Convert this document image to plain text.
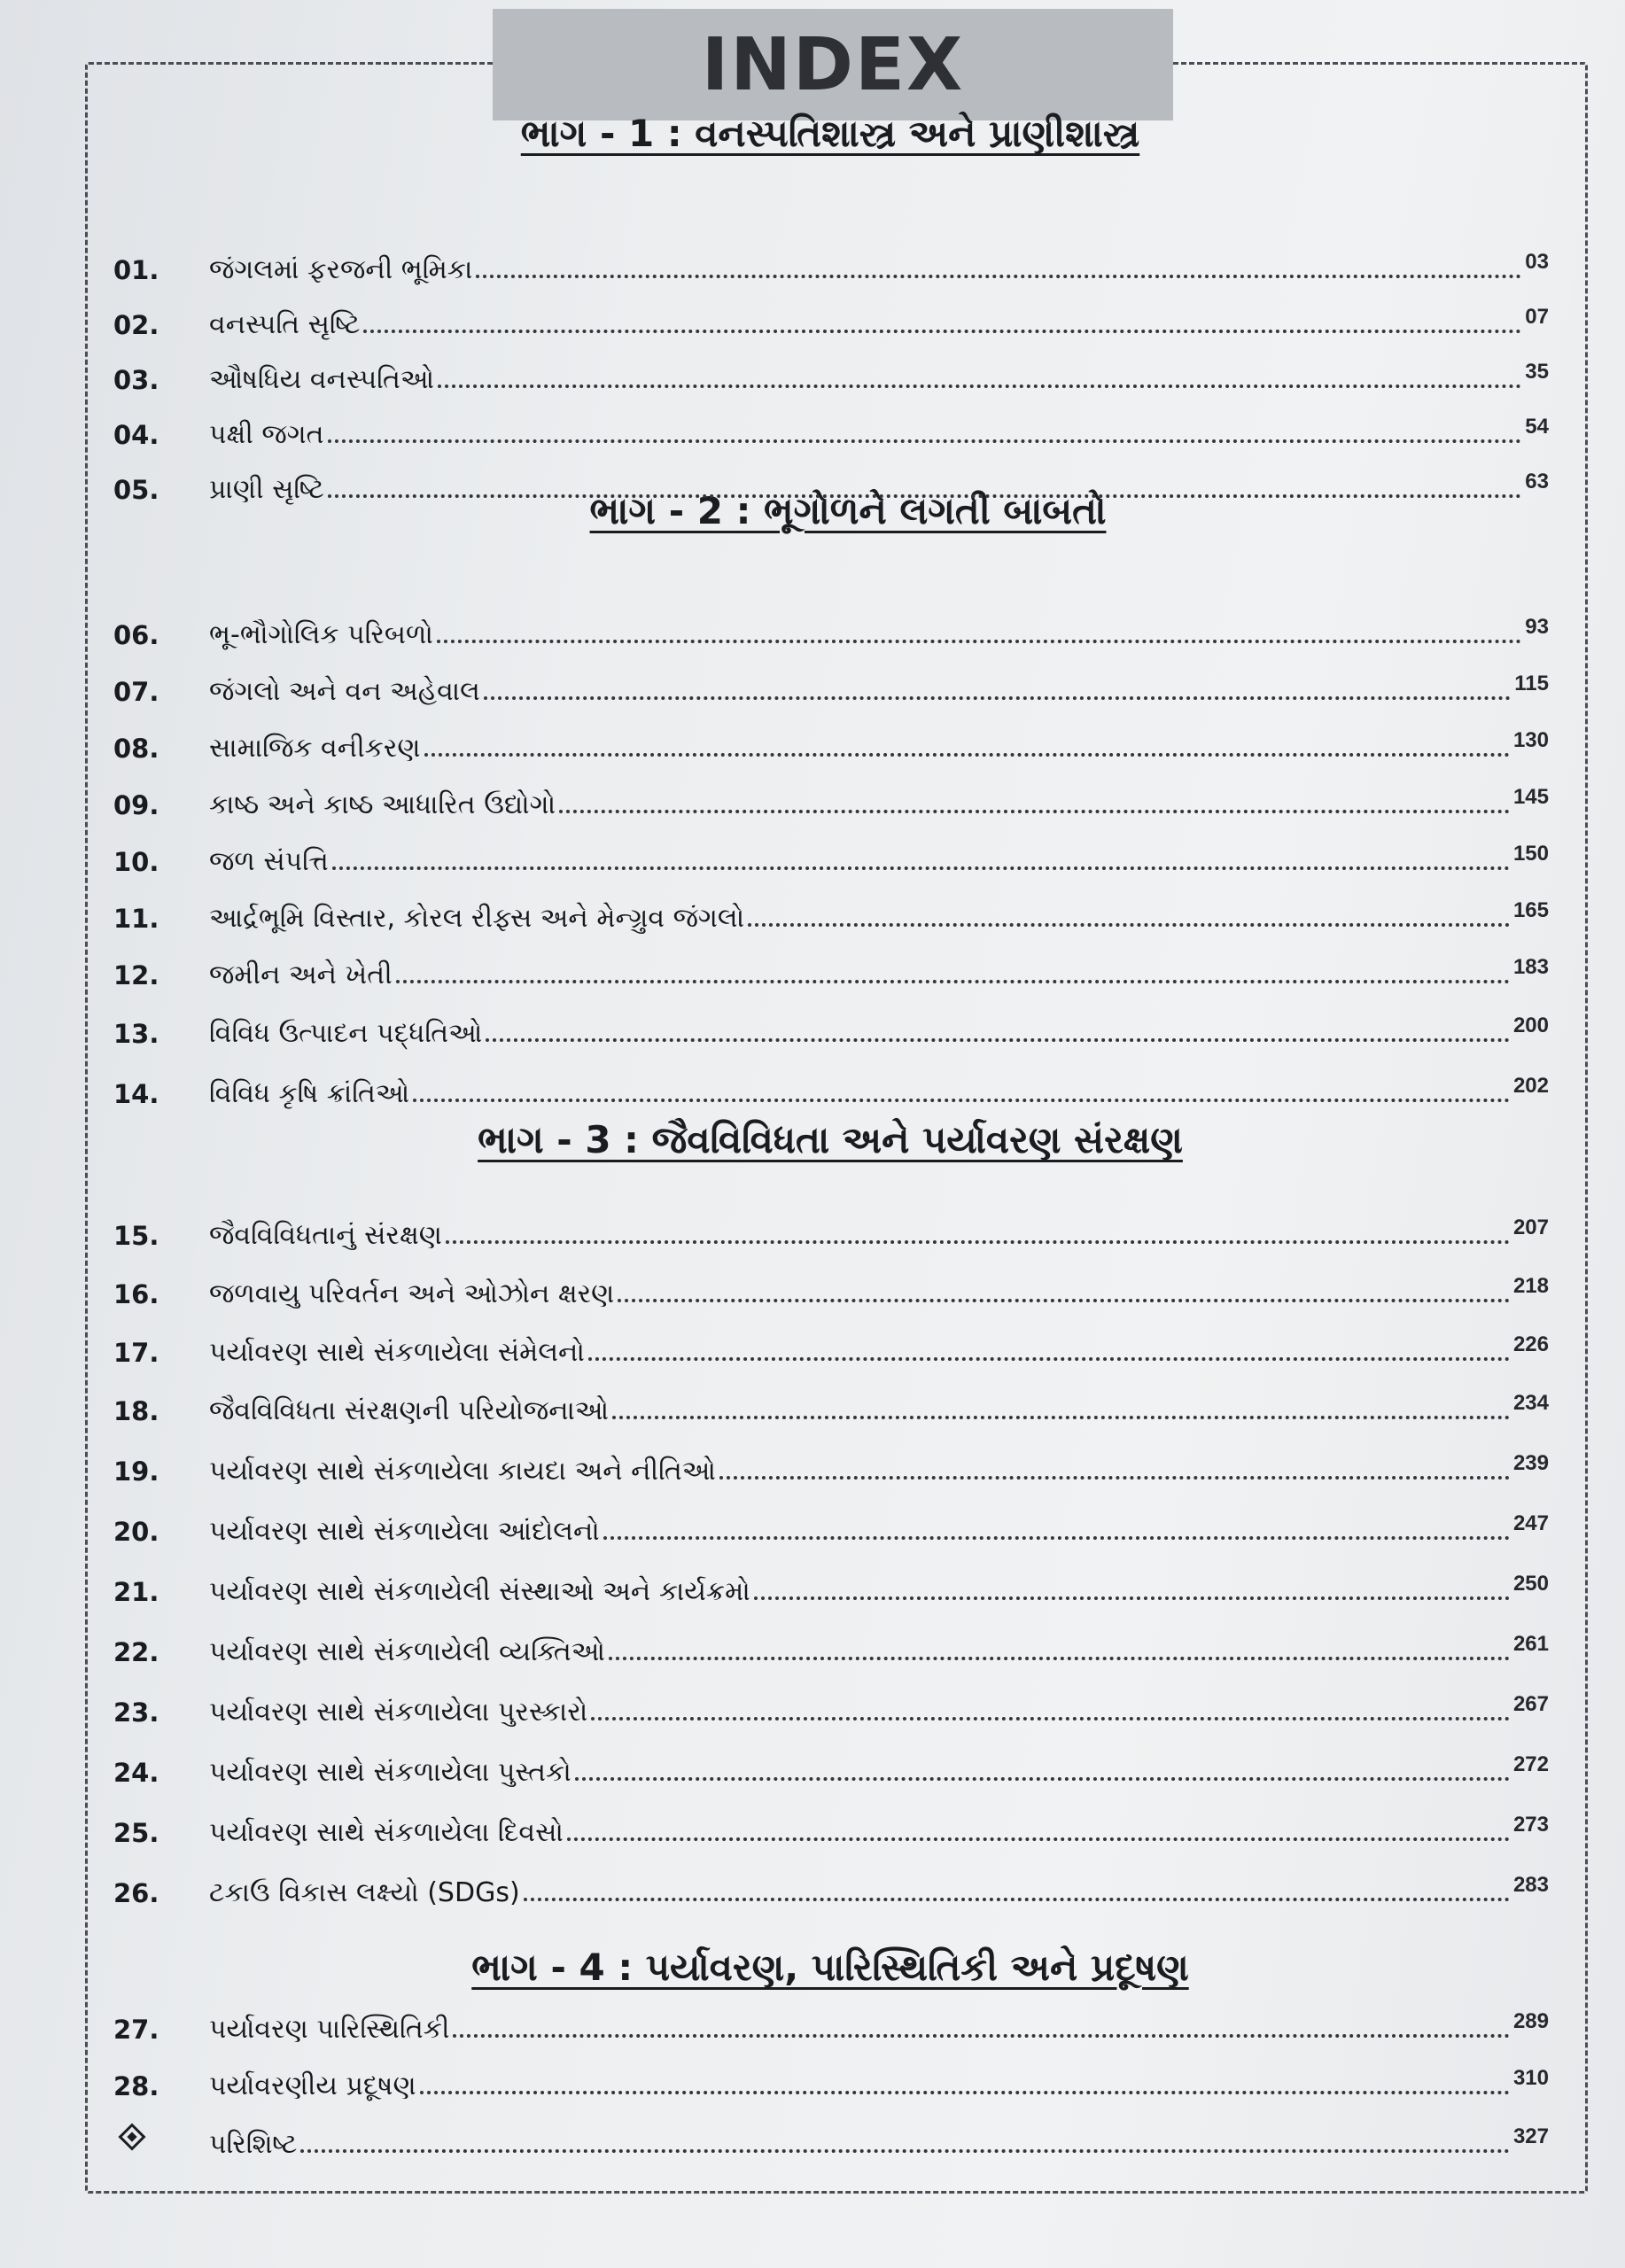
INDEX
ભાગ - 1 : વનસ્પતિશાસ્ત્ર અને પ્રાણીશાસ્ત્ર
ભાગ - 2 : ભૂગોળને લગતી બાબતો
ભાગ - 3 : જૈવવિવિધતા અને પર્યાવરણ સંરક્ષણ
ભાગ - 4 : પર્યાવરણ, પારિસ્થિતિકી અને પ્રદૂષણ
01.	જંગલમાં ફરજની ભૂમિકા	03
02.	વનસ્પતિ સૃષ્ટિ	07
03.	ઔષધિય વનસ્પતિઓ	35
04.	પક્ષી જગત	54
05.	પ્રાણી સૃષ્ટિ	63
06.	ભૂ-ભૌગોલિક પરિબળો	93
07.	જંગલો અને વન અહેવાલ	115
08.	સામાજિક વનીકરણ	130
09.	કાષ્ઠ અને કાષ્ઠ આધારિત ઉદ્યોગો	145
10.	જળ સંપત્તિ	150
11.	આર્દ્રભૂમિ વિસ્તાર, કોરલ રીફ્સ અને મેન્ગ્રુવ જંગલો	165
12.	જમીન અને ખેતી	183
13.	વિવિધ ઉત્પાદન પદ્ધતિઓ	200
14.	વિવિધ કૃષિ ક્રાંતિઓ	202
15.	જૈવવિવિધતાનું સંરક્ષણ	207
16.	જળવાયુ પરિવર્તન અને ઓઝોન ક્ષરણ	218
17.	પર્યાવરણ સાથે સંકળાયેલા સંમેલનો	226
18.	જૈવવિવિધતા સંરક્ષણની પરિયોજનાઓ	234
19.	પર્યાવરણ સાથે સંકળાયેલા કાયદા અને નીતિઓ	239
20.	પર્યાવરણ સાથે સંકળાયેલા આંદોલનો	247
21.	પર્યાવરણ સાથે સંકળાયેલી સંસ્થાઓ અને કાર્યક્રમો	250
22.	પર્યાવરણ સાથે સંકળાયેલી વ્યક્તિઓ	261
23.	પર્યાવરણ સાથે સંકળાયેલા પુરસ્કારો	267
24.	પર્યાવરણ સાથે સંકળાયેલા પુસ્તકો	272
25.	પર્યાવરણ સાથે સંકળાયેલા દિવસો	273
26.	ટકાઉ વિકાસ લક્ષ્યો (SDGs)	283
27.	પર્યાવરણ પારિસ્થિતિકી	289
28.	પર્યાવરણીય પ્રદૂષણ	310
પરિશિષ્ટ	327
